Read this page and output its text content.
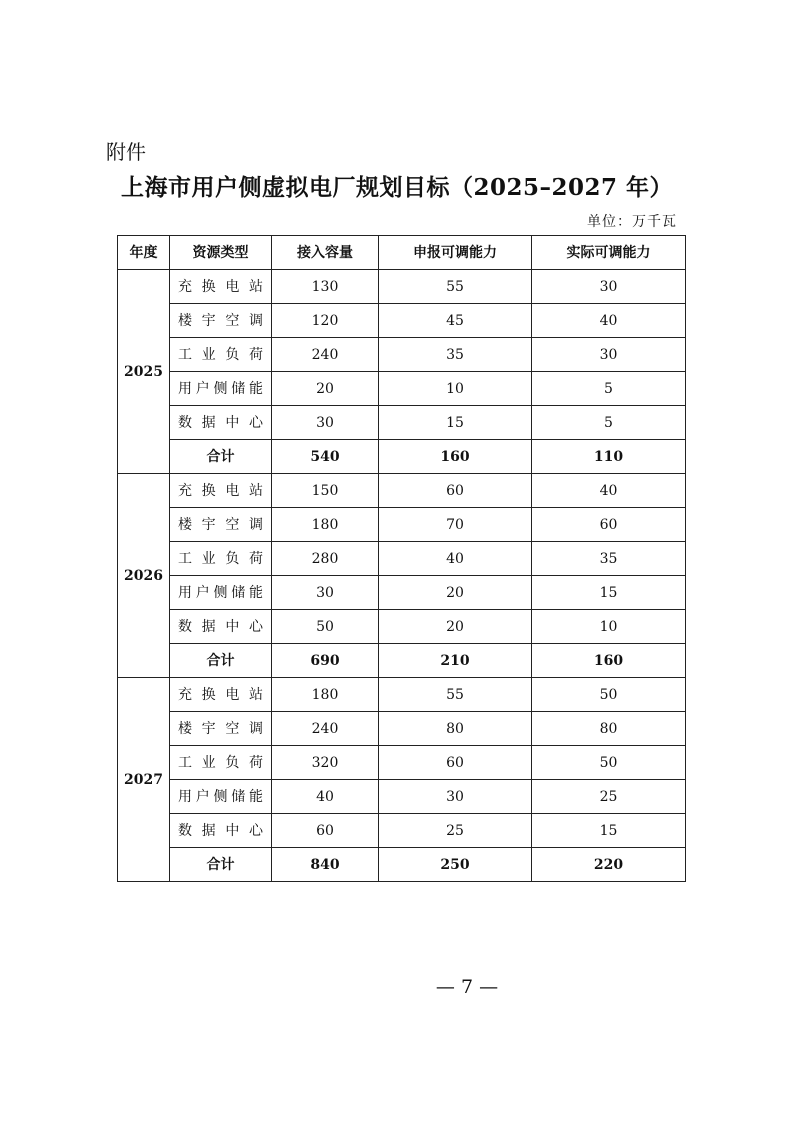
附件
上海市用户侧虚拟电厂规划目标（2025–2027 年）
单位：万千瓦
年度	资源类型	接入容量	申报可调能力	实际可调能力
2025	充换电站	130	55	30

	楼宇空调	120	45	40

	工业负荷	240	35	30

	用户侧储能	20	10	5

	数据中心	30	15	5
	合计	540	160	110
2026	充换电站	150	60	40

	楼宇空调	180	70	60

	工业负荷	280	40	35

	用户侧储能	30	20	15

	数据中心	50	20	10
	合计	690	210	160
2027	充换电站	180	55	50

	楼宇空调	240	80	80

	工业负荷	320	60	50

	用户侧储能	40	30	25

	数据中心	60	25	15
	合计	840	250	220
— 7 —
